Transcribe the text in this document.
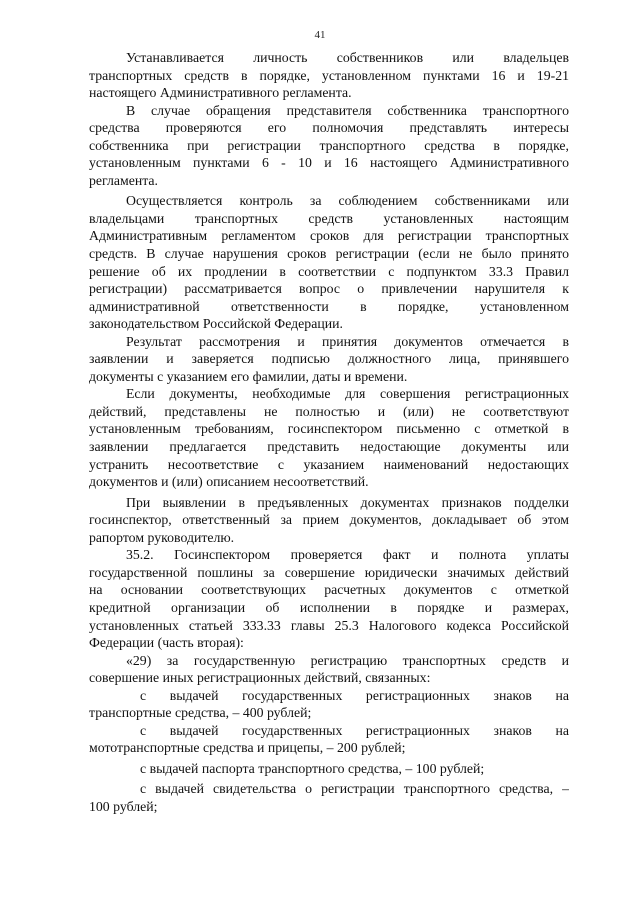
41
Устанавливается личность собственников или владельцев
транспортных средств в порядке, установленном пунктами 16 и 19-21
настоящего Административного регламента.
В случае обращения представителя собственника транспортного
средства проверяются его полномочия представлять интересы
собственника при регистрации транспортного средства в порядке,
установленным пунктами 6 - 10 и 16 настоящего Административного
регламента.
Осуществляется контроль за соблюдением собственниками или
владельцами транспортных средств установленных настоящим
Административным регламентом сроков для регистрации транспортных
средств. В случае нарушения сроков регистрации (если не было принято
решение об их продлении в соответствии с подпунктом 33.3 Правил
регистрации) рассматривается вопрос о привлечении нарушителя к
административной ответственности в порядке, установленном
законодательством Российской Федерации.
Результат рассмотрения и принятия документов отмечается в
заявлении и заверяется подписью должностного лица, принявшего
документы с указанием его фамилии, даты и времени.
Если документы, необходимые для совершения регистрационных
действий, представлены не полностью и (или) не соответствуют
установленным требованиям, госинспектором письменно с отметкой в
заявлении предлагается представить недостающие документы или
устранить несоответствие с указанием наименований недостающих
документов и (или) описанием несоответствий.
При выявлении в предъявленных документах признаков подделки
госинспектор, ответственный за прием документов, докладывает об этом
рапортом руководителю.
35.2. Госинспектором проверяется факт и полнота уплаты
государственной пошлины за совершение юридически значимых действий
на основании соответствующих расчетных документов с отметкой
кредитной организации об исполнении в порядке и размерах,
установленных статьей 333.33 главы 25.3 Налогового кодекса Российской
Федерации (часть вторая):
«29) за государственную регистрацию транспортных средств и
совершение иных регистрационных действий, связанных:
с выдачей государственных регистрационных знаков на
транспортные средства, – 400 рублей;
с выдачей государственных регистрационных знаков на
мототранспортные средства и прицепы, – 200 рублей;
с выдачей паспорта транспортного средства, – 100 рублей;
с выдачей свидетельства о регистрации транспортного средства, –
100 рублей;
